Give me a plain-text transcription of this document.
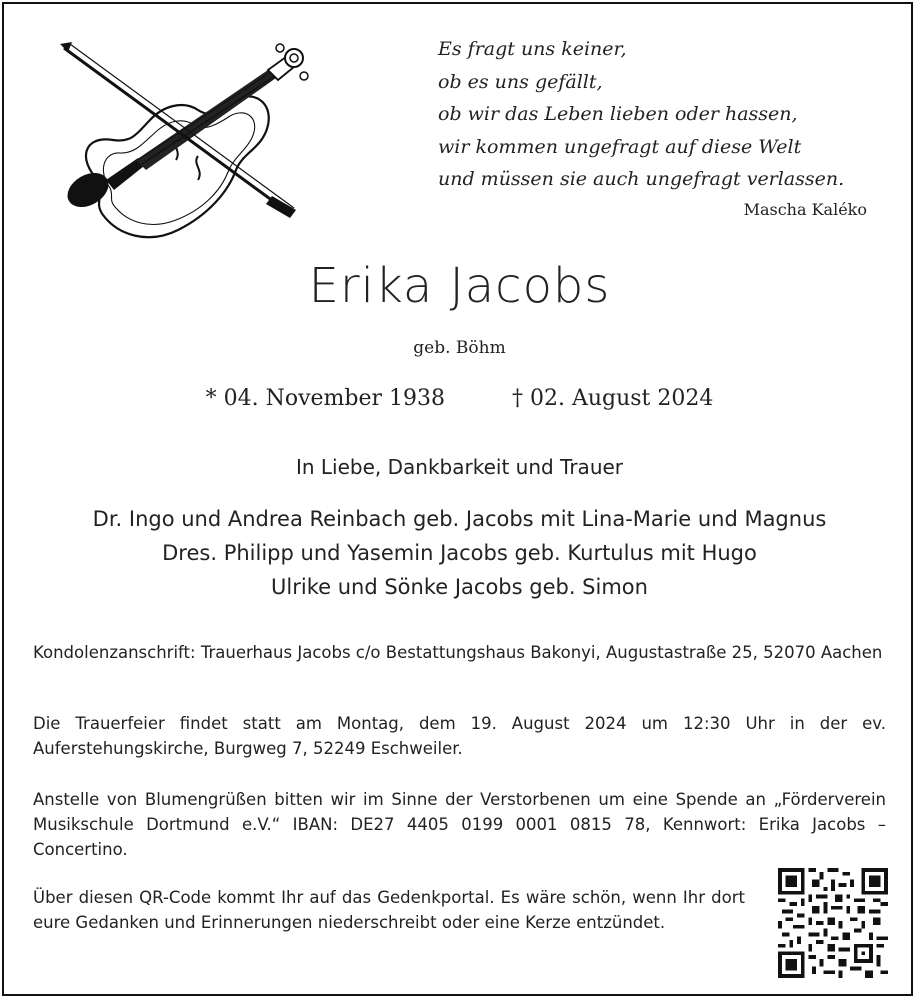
Es fragt uns keiner,
ob es uns gefällt,
ob wir das Leben lieben oder hassen,
wir kommen ungefragt auf diese Welt
und müssen sie auch ungefragt verlassen.
Mascha Kaléko
Erika Jacobs
geb. Böhm
* 04. November 1938	† 02. August 2024
In Liebe, Dankbarkeit und Trauer
Dr. Ingo und Andrea Reinbach geb. Jacobs mit Lina-Marie und Magnus
Dres. Philipp und Yasemin Jacobs geb. Kurtulus mit Hugo
Ulrike und Sönke Jacobs geb. Simon
Kondolenzanschrift: Trauerhaus Jacobs c/o Bestattungshaus Bakonyi, Augustastraße 25, 52070 Aachen
Die Trauerfeier findet statt am Montag, dem 19. August 2024 um 12:30 Uhr in der ev. Auferstehungskirche, Burgweg 7, 52249 Eschweiler.
Anstelle von Blumengrüßen bitten wir im Sinne der Verstorbenen um eine Spende an „Förderverein Musikschule Dortmund e.V.“ IBAN: DE27 4405 0199 0001 0815 78, Kennwort: Erika Jacobs – Concertino.
Über diesen QR-Code kommt Ihr auf das Gedenkportal. Es wäre schön, wenn Ihr dort eure Gedanken und Erinnerungen niederschreibt oder eine Kerze entzündet.
